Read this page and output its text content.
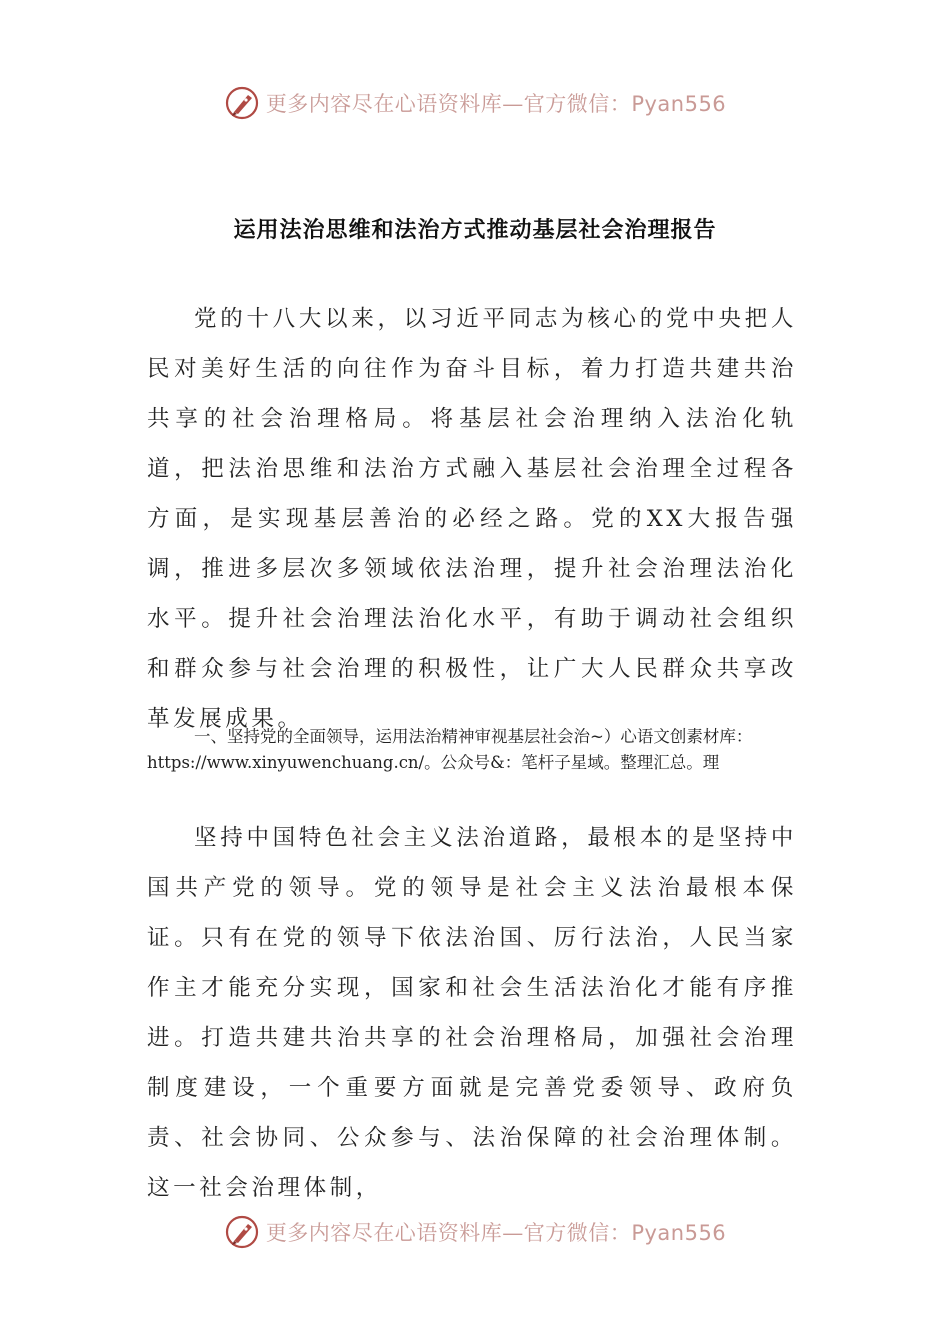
更多内容尽在心语资料库—官方微信：Pyan556
运用法治思维和法治方式推动基层社会治理报告

党的十八大以来，以习近平同志为核心的党中央把人民对美好生活的向往作为奋斗目标，着力打造共建共治共享的社会治理格局。将基层社会治理纳入法治化轨道，把法治思维和法治方式融入基层社会治理全过程各方面，是实现基层善治的必经之路。党的XX大报告强调，推进多层次多领域依法治理，提升社会治理法治化水平。提升社会治理法治化水平，有助于调动社会组织和群众参与社会治理的积极性，让广大人民群众共享改革发展成果。

一、坚持党的全面领导，运用法治精神审视基层社会治~）心语文创素材库：https://www.xinyuwenchuang.cn/。公众号&：笔杆子星域。整理汇总。理

坚持中国特色社会主义法治道路，最根本的是坚持中国共产党的领导。党的领导是社会主义法治最根本保证。只有在党的领导下依法治国、厉行法治，人民当家作主才能充分实现，国家和社会生活法治化才能有序推进。打造共建共治共享的社会治理格局，加强社会治理制度建设，一个重要方面就是完善党委领导、政府负责、社会协同、公众参与、法治保障的社会治理体制。这一社会治理体制，

更多内容尽在心语资料库—官方微信：Pyan556
